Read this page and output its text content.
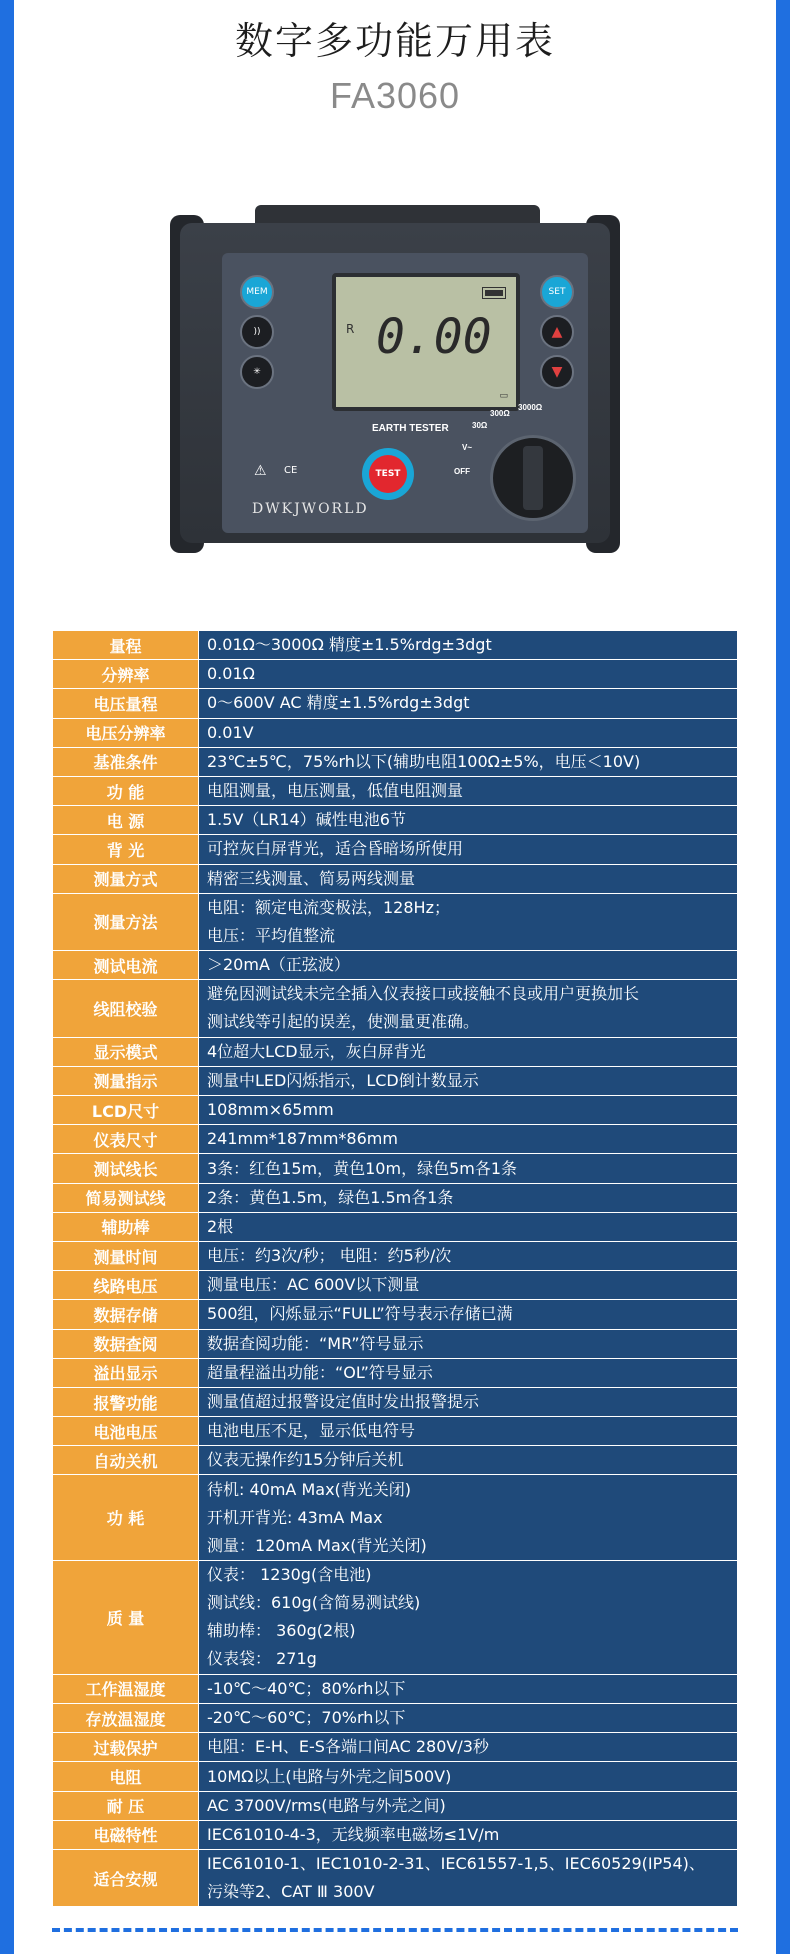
数字多功能万用表
FA3060
R 0.00
▭
MEM
))
✳
SET
▲
▼
EARTH TESTER
⚠ CE	TEST
V~
OFF
30Ω
300Ω
3000Ω
DWKJWORLD
量程	0.01Ω～3000Ω 精度±1.5%rdg±3dgt

分辨率	0.01Ω

电压量程	0～600V AC 精度±1.5%rdg±3dgt

电压分辨率	0.01V

基准条件	23℃±5℃，75%rh以下(辅助电阻100Ω±5%，电压＜10V)

功 能	电阻测量，电压测量，低值电阻测量

电 源	1.5V（LR14）碱性电池6节

背 光	可控灰白屏背光，适合昏暗场所使用

测量方式	精密三线测量、简易两线测量

测量方法	电阻：额定电流变极法，128Hz；
电压：平均值整流

测试电流	＞20mA（正弦波）

线阻校验	避免因测试线未完全插入仪表接口或接触不良或用户更换加长
测试线等引起的误差，使测量更准确。

显示模式	4位超大LCD显示，灰白屏背光

测量指示	测量中LED闪烁指示，LCD倒计数显示

LCD尺寸	108mm×65mm

仪表尺寸	241mm*187mm*86mm

测试线长	3条：红色15m，黄色10m，绿色5m各1条

简易测试线	2条：黄色1.5m，绿色1.5m各1条

辅助棒	2根

测量时间	电压：约3次/秒； 电阻：约5秒/次

线路电压	测量电压：AC 600V以下测量

数据存储	500组，闪烁显示“FULL”符号表示存储已满

数据查阅	数据查阅功能：“MR”符号显示

溢出显示	超量程溢出功能：“OL”符号显示

报警功能	测量值超过报警设定值时发出报警提示

电池电压	电池电压不足，显示低电符号

自动关机	仪表无操作约15分钟后关机

功 耗	待机: 40mA Max(背光关闭)
开机开背光: 43mA Max
测量：120mA Max(背光关闭)

质 量	仪表： 1230g(含电池)
测试线：610g(含简易测试线)
辅助棒： 360g(2根)
仪表袋： 271g

工作温湿度	-10℃～40℃；80%rh以下

存放温湿度	-20℃～60℃；70%rh以下

过载保护	电阻：E-H、E-S各端口间AC 280V/3秒

电阻	10MΩ以上(电路与外壳之间500V)

耐 压	AC 3700V/rms(电路与外壳之间)

电磁特性	IEC61010-4-3，无线频率电磁场≤1V/m

适合安规	IEC61010-1、IEC1010-2-31、IEC61557-1,5、IEC60529(IP54)、
污染等2、CAT Ⅲ 300V
